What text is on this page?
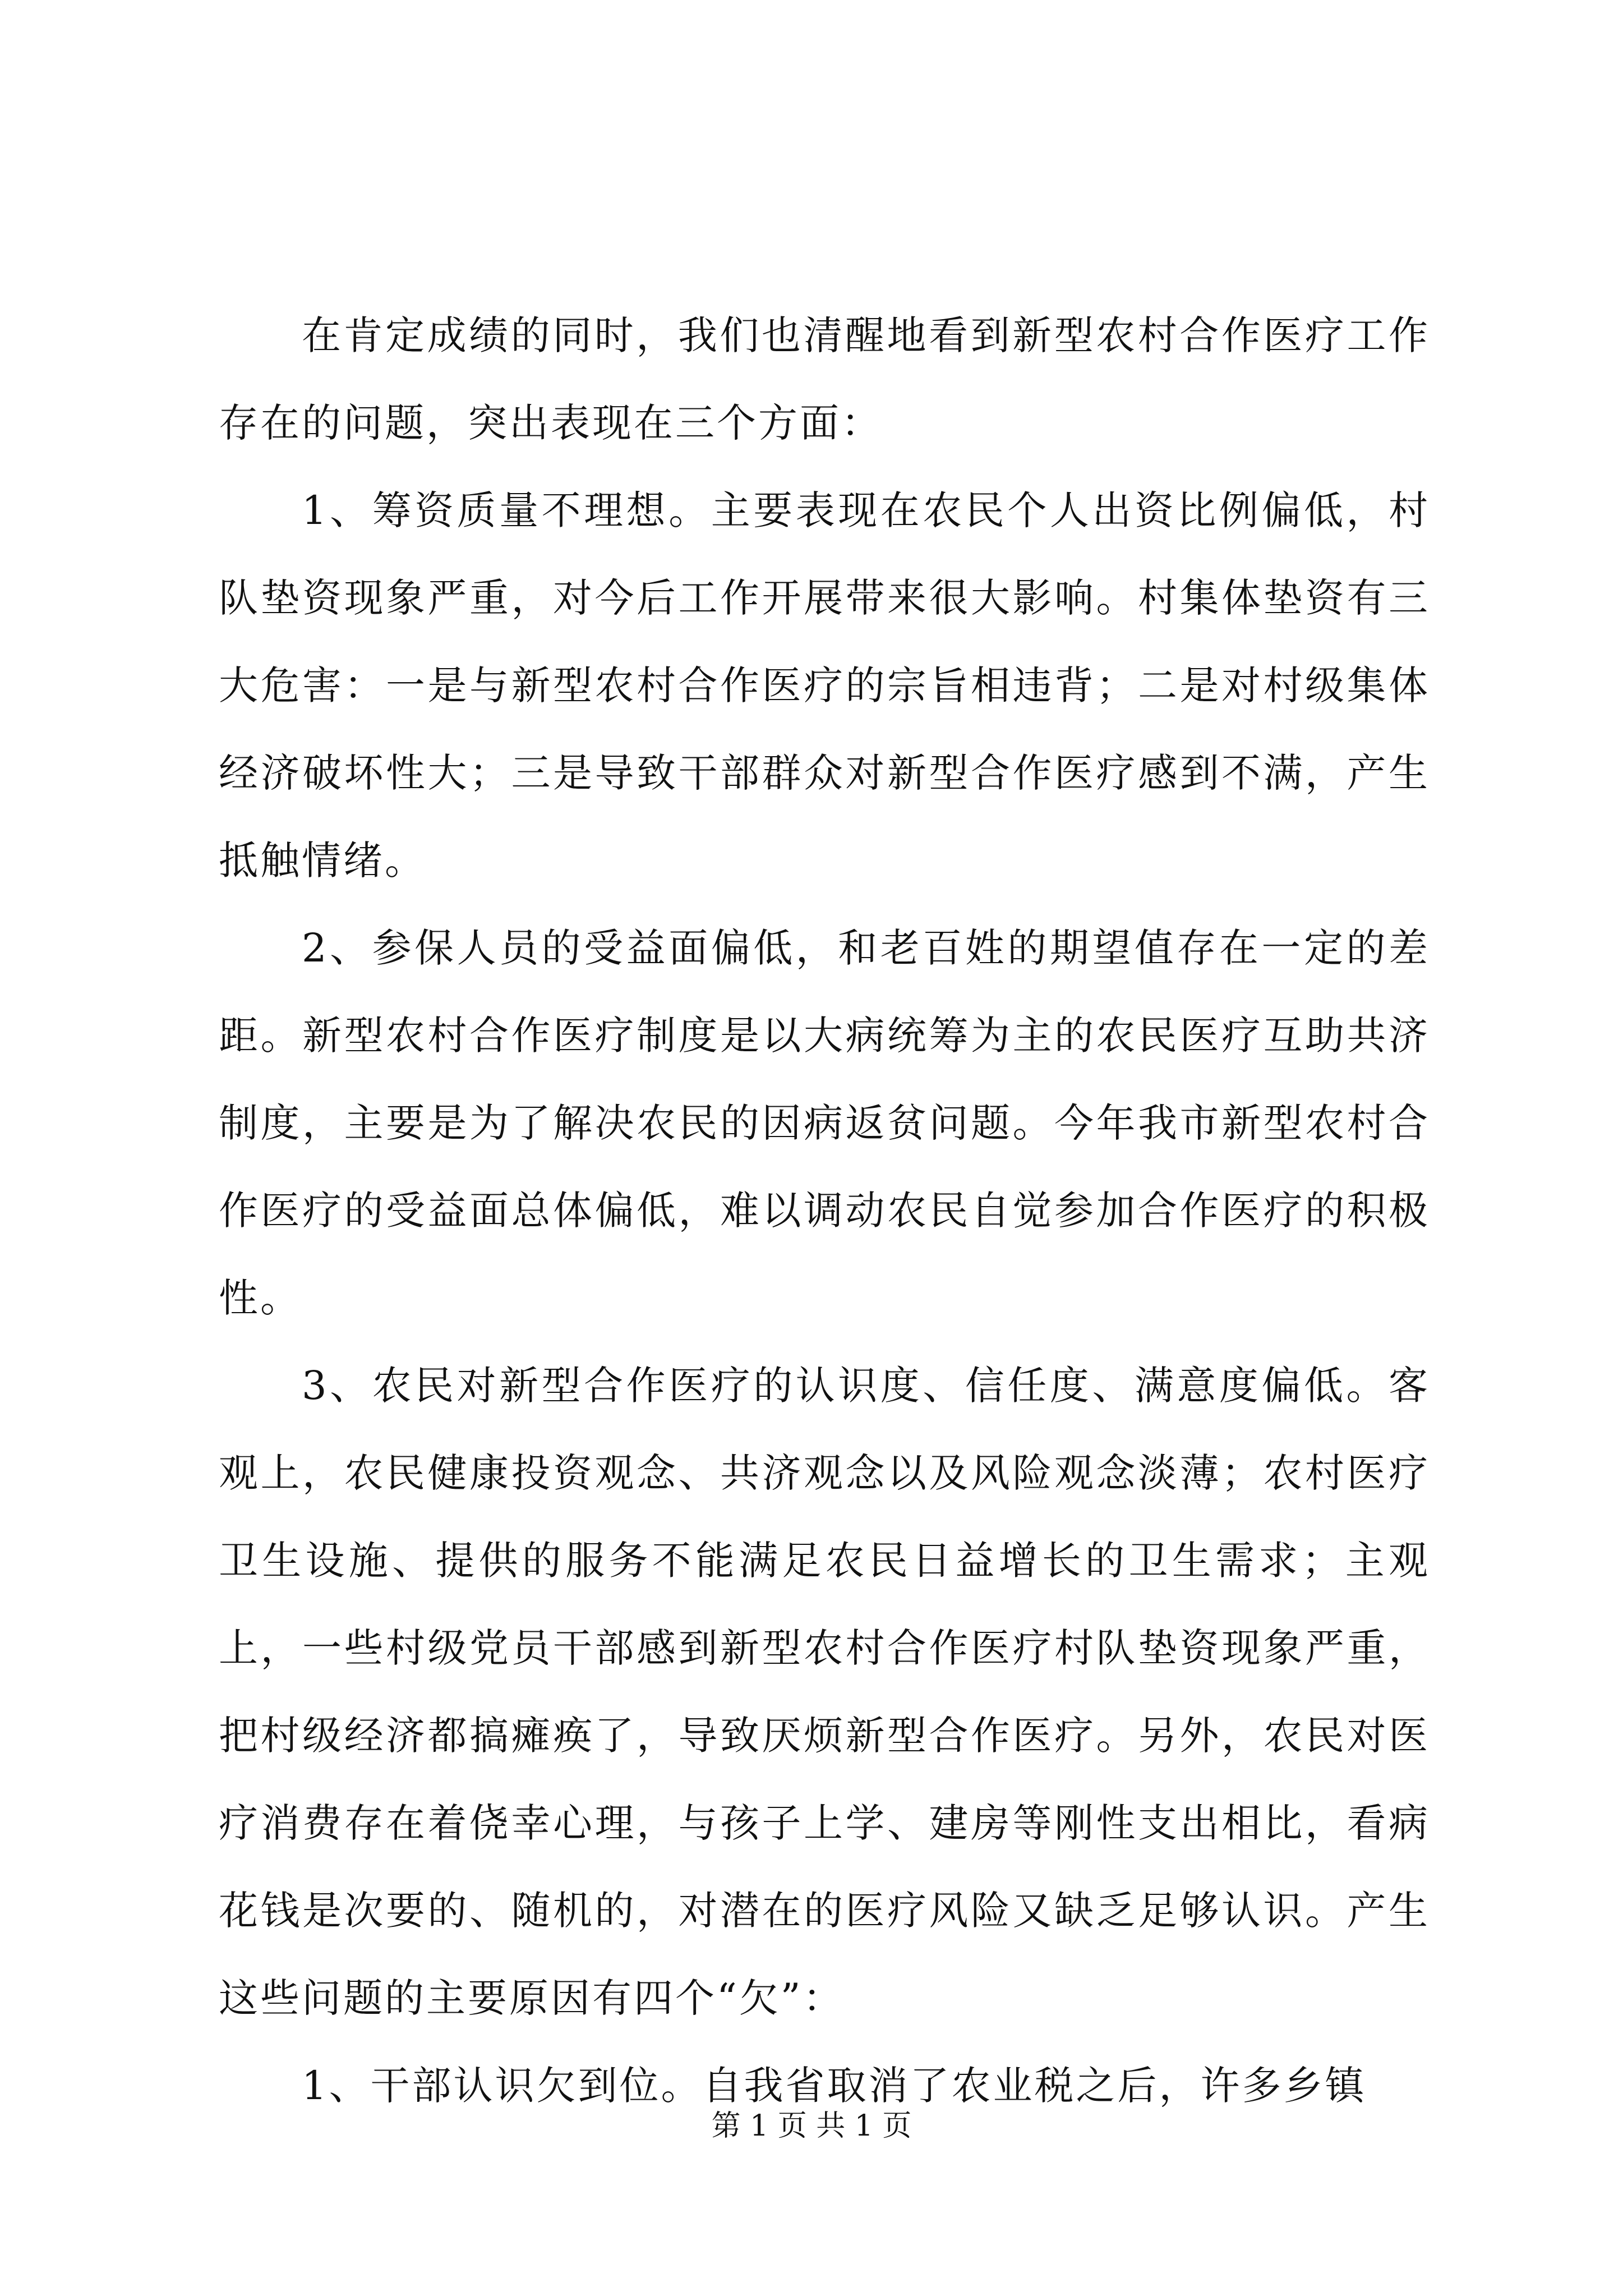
在肯定成绩的同时，我们也清醒地看到新型农村合作医疗工作存在的问题，突出表现在三个方面：

1、筹资质量不理想。主要表现在农民个人出资比例偏低，村队垫资现象严重，对今后工作开展带来很大影响。村集体垫资有三大危害：一是与新型农村合作医疗的宗旨相违背；二是对村级集体经济破坏性大；三是导致干部群众对新型合作医疗感到不满，产生抵触情绪。

2、参保人员的受益面偏低，和老百姓的期望值存在一定的差距。新型农村合作医疗制度是以大病统筹为主的农民医疗互助共济制度，主要是为了解决农民的因病返贫问题。今年我市新型农村合作医疗的受益面总体偏低，难以调动农民自觉参加合作医疗的积极性。

3、农民对新型合作医疗的认识度、信任度、满意度偏低。客观上，农民健康投资观念、共济观念以及风险观念淡薄；农村医疗卫生设施、提供的服务不能满足农民日益增长的卫生需求；主观上，一些村级党员干部感到新型农村合作医疗村队垫资现象严重，把村级经济都搞瘫痪了，导致厌烦新型合作医疗。另外，农民对医疗消费存在着侥幸心理，与孩子上学、建房等刚性支出相比，看病花钱是次要的、随机的，对潜在的医疗风险又缺乏足够认识。产生这些问题的主要原因有四个“欠”：

1、干部认识欠到位。自我省取消了农业税之后，许多乡镇

第 1 页 共 1 页
